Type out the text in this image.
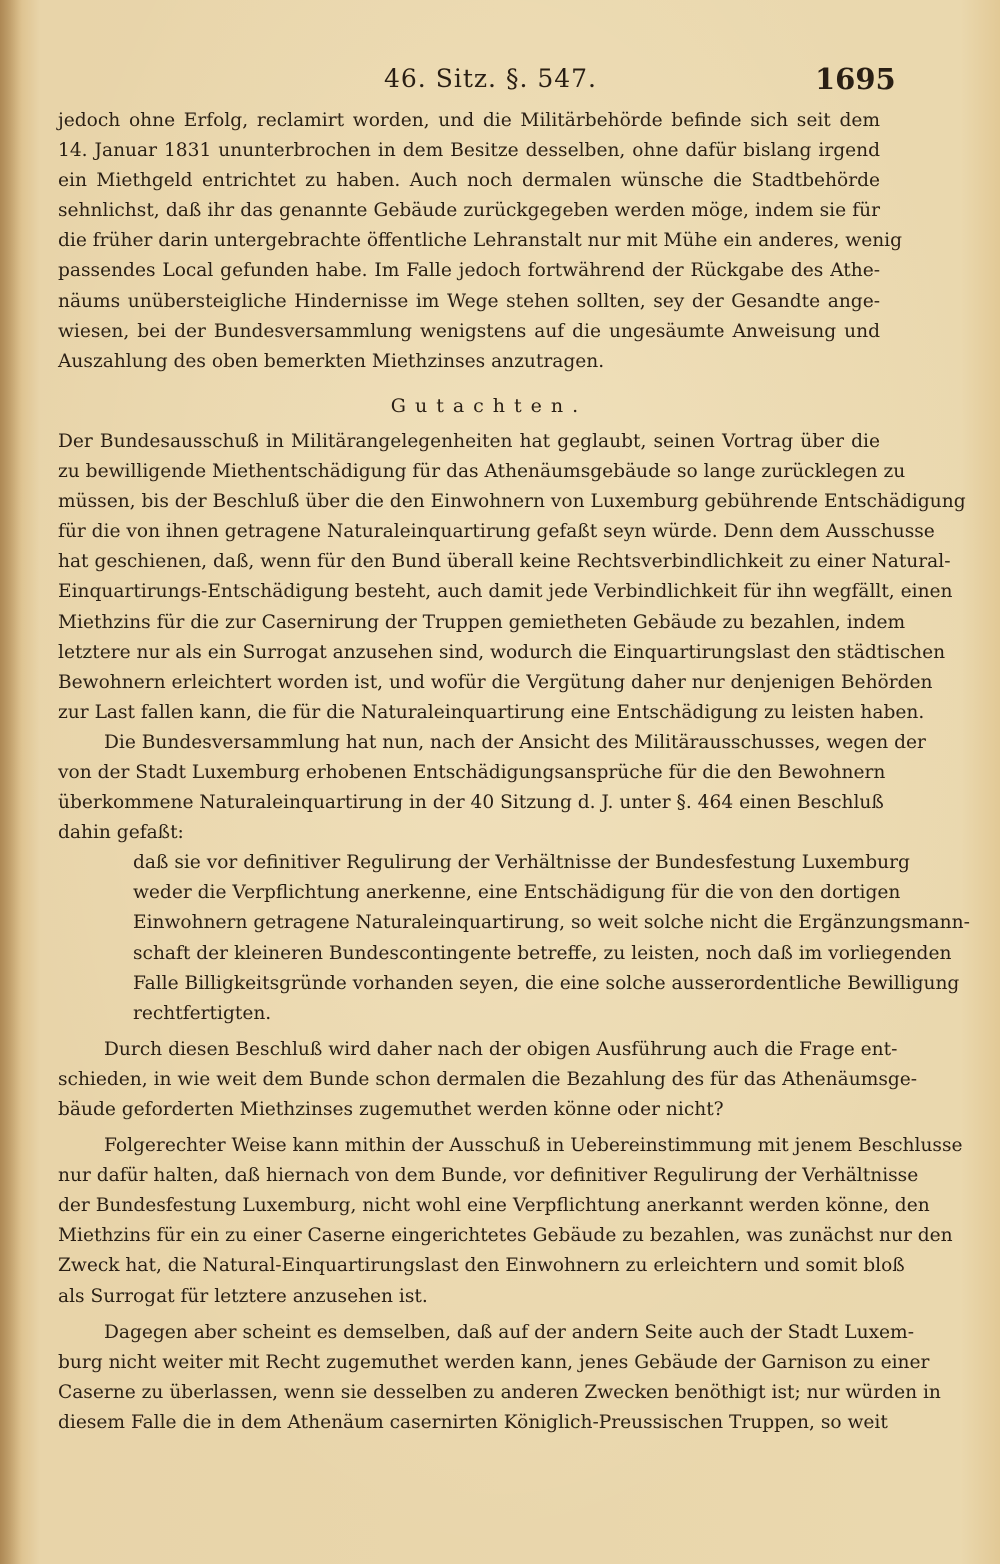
46. Sitz. §. 547.	1695
jedoch ohne Erfolg, reclamirt worden, und die Militärbehörde befinde sich seit dem
14. Januar 1831 ununterbrochen in dem Besitze desselben, ohne dafür bislang irgend
ein Miethgeld entrichtet zu haben. Auch noch dermalen wünsche die Stadtbehörde
sehnlichst, daß ihr das genannte Gebäude zurückgegeben werden möge, indem sie für
die früher darin untergebrachte öffentliche Lehranstalt nur mit Mühe ein anderes, wenig
passendes Local gefunden habe. Im Falle jedoch fortwährend der Rückgabe des Athe-
näums unübersteigliche Hindernisse im Wege stehen sollten, sey der Gesandte ange-
wiesen, bei der Bundesversammlung wenigstens auf die ungesäumte Anweisung und
Auszahlung des oben bemerkten Miethzinses anzutragen.
Gutachten.
Der Bundesausschuß in Militärangelegenheiten hat geglaubt, seinen Vortrag über die
zu bewilligende Miethentschädigung für das Athenäumsgebäude so lange zurücklegen zu
müssen, bis der Beschluß über die den Einwohnern von Luxemburg gebührende Entschädigung
für die von ihnen getragene Naturaleinquartirung gefaßt seyn würde. Denn dem Ausschusse
hat geschienen, daß, wenn für den Bund überall keine Rechtsverbindlichkeit zu einer Natural-
Einquartirungs-Entschädigung besteht, auch damit jede Verbindlichkeit für ihn wegfällt, einen
Miethzins für die zur Casernirung der Truppen gemietheten Gebäude zu bezahlen, indem
letztere nur als ein Surrogat anzusehen sind, wodurch die Einquartirungslast den städtischen
Bewohnern erleichtert worden ist, und wofür die Vergütung daher nur denjenigen Behörden
zur Last fallen kann, die für die Naturaleinquartirung eine Entschädigung zu leisten haben.
Die Bundesversammlung hat nun, nach der Ansicht des Militärausschusses, wegen der
von der Stadt Luxemburg erhobenen Entschädigungsansprüche für die den Bewohnern
überkommene Naturaleinquartirung in der 40 Sitzung d. J. unter §. 464 einen Beschluß
dahin gefaßt:
daß sie vor definitiver Regulirung der Verhältnisse der Bundesfestung Luxemburg
weder die Verpflichtung anerkenne, eine Entschädigung für die von den dortigen
Einwohnern getragene Naturaleinquartirung, so weit solche nicht die Ergänzungsmann-
schaft der kleineren Bundescontingente betreffe, zu leisten, noch daß im vorliegenden
Falle Billigkeitsgründe vorhanden seyen, die eine solche ausserordentliche Bewilligung
rechtfertigten.
Durch diesen Beschluß wird daher nach der obigen Ausführung auch die Frage ent-
schieden, in wie weit dem Bunde schon dermalen die Bezahlung des für das Athenäumsge-
bäude geforderten Miethzinses zugemuthet werden könne oder nicht?
Folgerechter Weise kann mithin der Ausschuß in Uebereinstimmung mit jenem Beschlusse
nur dafür halten, daß hiernach von dem Bunde, vor definitiver Regulirung der Verhältnisse
der Bundesfestung Luxemburg, nicht wohl eine Verpflichtung anerkannt werden könne, den
Miethzins für ein zu einer Caserne eingerichtetes Gebäude zu bezahlen, was zunächst nur den
Zweck hat, die Natural-Einquartirungslast den Einwohnern zu erleichtern und somit bloß
als Surrogat für letztere anzusehen ist.
Dagegen aber scheint es demselben, daß auf der andern Seite auch der Stadt Luxem-
burg nicht weiter mit Recht zugemuthet werden kann, jenes Gebäude der Garnison zu einer
Caserne zu überlassen, wenn sie desselben zu anderen Zwecken benöthigt ist; nur würden in
diesem Falle die in dem Athenäum casernirten Königlich-Preussischen Truppen, so weit
